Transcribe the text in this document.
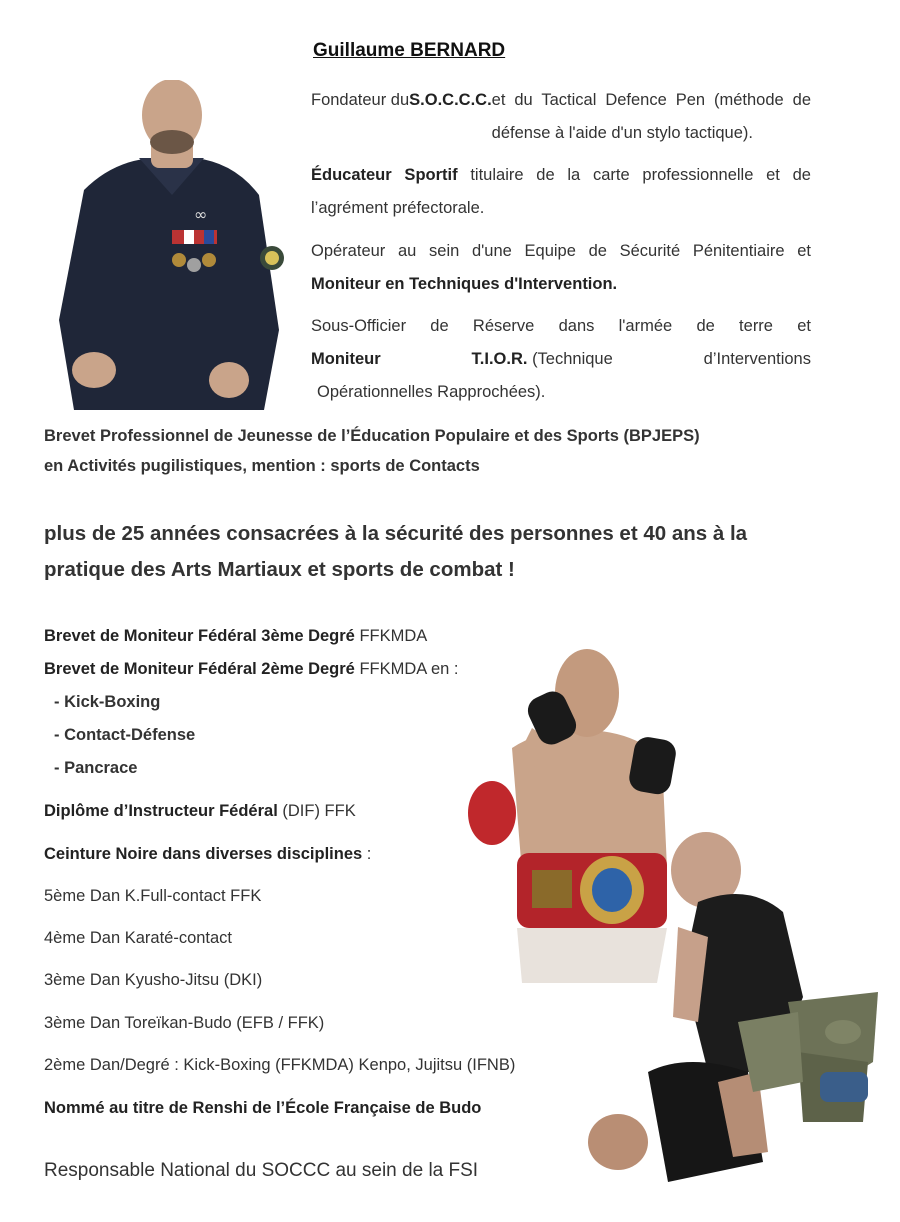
Guillaume BERNARD
∞
Fondateur du S.O.C.C.C. et du Tactical Defence Pen (méthode de défense à l'aide d'un stylo tactique).
Éducateur Sportif titulaire de la carte professionnelle et de l’agrément préfectorale.
Opérateur au sein d'une Equipe de Sécurité Pénitentiaire et Moniteur en Techniques d'Intervention.
Sous-Officier de Réserve dans l'armée de terre et
Moniteur	T.I.O.R. (Technique	d’Interventions
Opérationnelles Rapprochées).
Brevet Professionnel de Jeunesse de l’Éducation Populaire et des Sports (BPJEPS)
en Activités pugilistiques, mention : sports de Contacts
plus de 25 années consacrées à la sécurité des personnes et 40 ans à la
pratique des Arts Martiaux et sports de combat !
Brevet de Moniteur Fédéral 3ème Degré FFKMDA
Brevet de Moniteur Fédéral 2ème Degré FFKMDA en :
- Kick-Boxing
- Contact-Défense
- Pancrace
Diplôme d’Instructeur Fédéral (DIF) FFK
Ceinture Noire dans diverses disciplines :
5ème Dan K.Full-contact FFK
4ème Dan Karaté-contact
3ème Dan Kyusho-Jitsu (DKI)
3ème Dan Toreïkan-Budo (EFB / FFK)
2ème Dan/Degré : Kick-Boxing (FFKMDA) Kenpo, Jujitsu (IFNB)
Nommé au titre de Renshi de l’École Française de Budo
Responsable National du SOCCC au sein de la FSI
